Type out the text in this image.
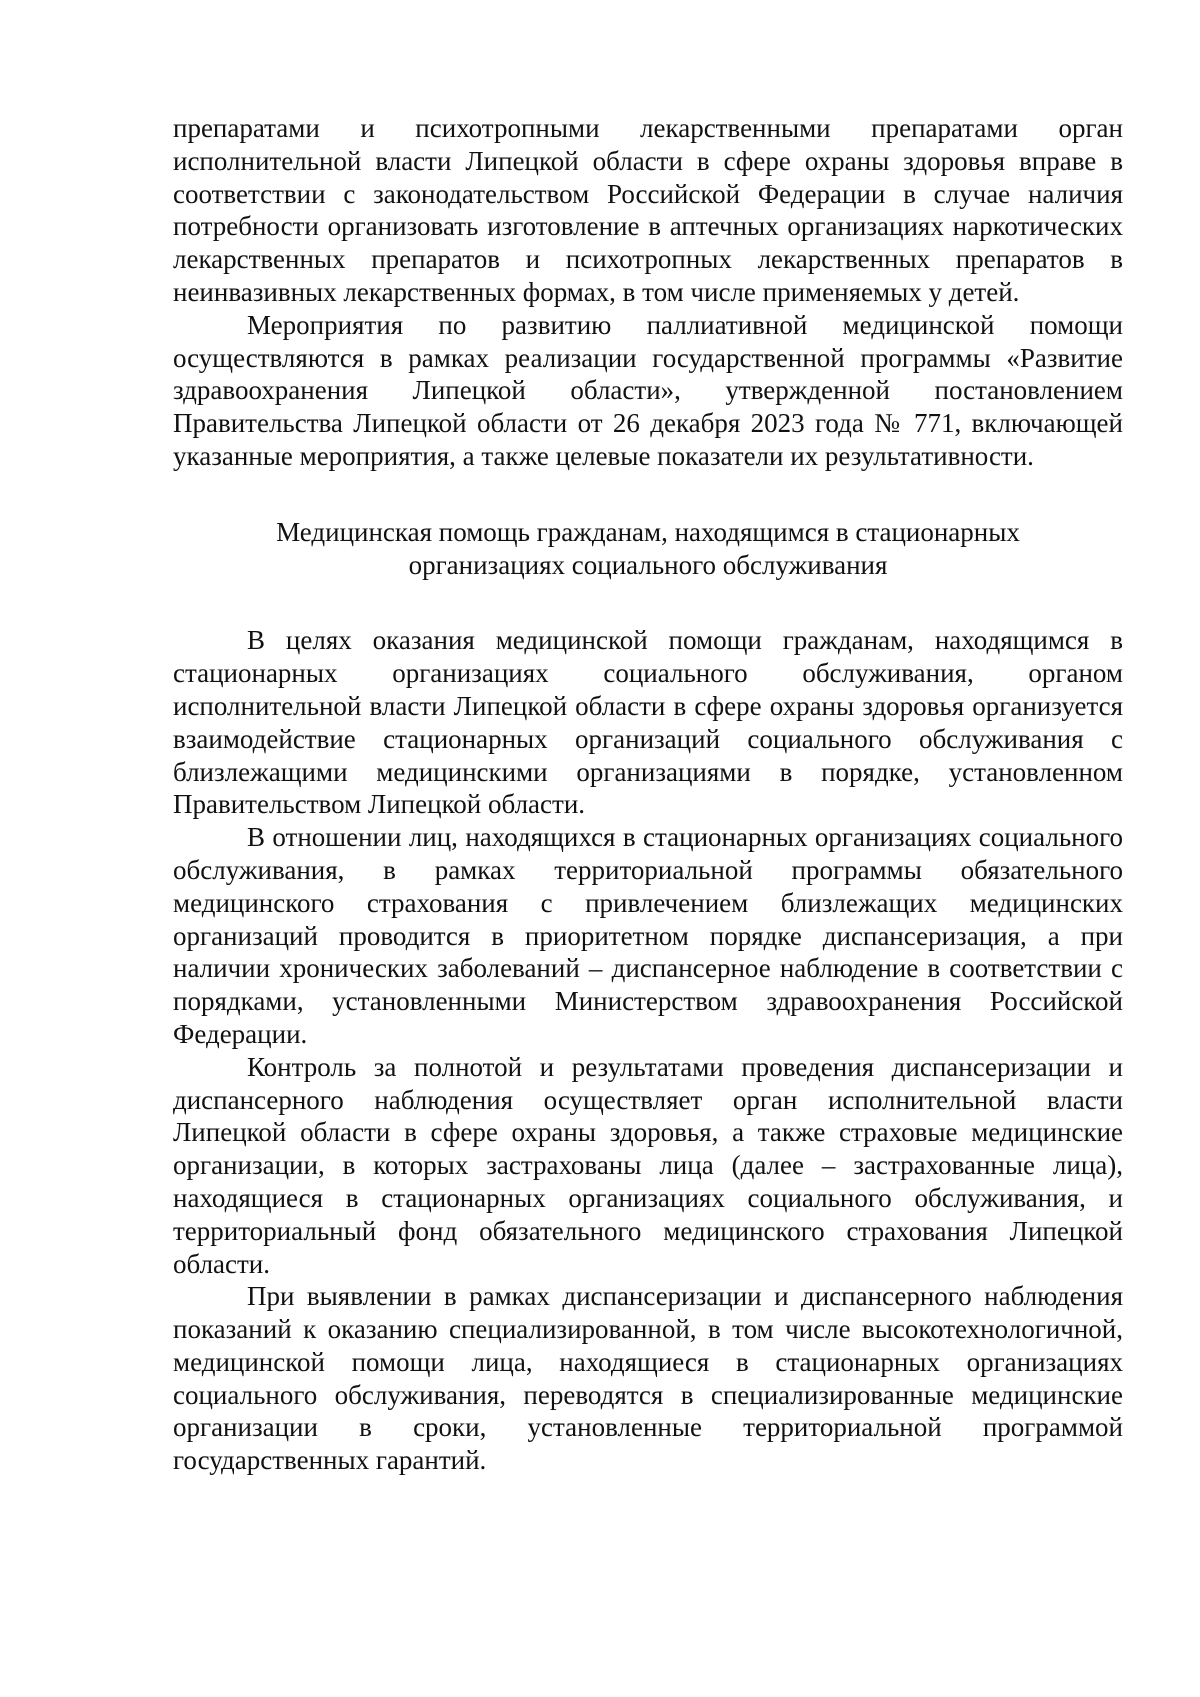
препаратами и психотропными лекарственными препаратами орган исполнительной власти Липецкой области в сфере охраны здоровья вправе в соответствии с законодательством Российской Федерации в случае наличия потребности организовать изготовление в аптечных организациях наркотических лекарственных препаратов и психотропных лекарственных препаратов в неинвазивных лекарственных формах, в том числе применяемых у детей.

Мероприятия по развитию паллиативной медицинской помощи осуществляются в рамках реализации государственной программы «Развитие здравоохранения Липецкой области», утвержденной постановлением Правительства Липецкой области от 26 декабря 2023 года № 771, включающей указанные мероприятия, а также целевые показатели их результативности.

Медицинская помощь гражданам, находящимся в стационарных организациях социального обслуживания

В целях оказания медицинской помощи гражданам, находящимся в стационарных организациях социального обслуживания, органом исполнительной власти Липецкой области в сфере охраны здоровья организуется взаимодействие стационарных организаций социального обслуживания с близлежащими медицинскими организациями в порядке, установленном Правительством Липецкой области.

В отношении лиц, находящихся в стационарных организациях социального обслуживания, в рамках территориальной программы обязательного медицинского страхования с привлечением близлежащих медицинских организаций проводится в приоритетном порядке диспансеризация, а при наличии хронических заболеваний – диспансерное наблюдение в соответствии с порядками, установленными Министерством здравоохранения Российской Федерации.

Контроль за полнотой и результатами проведения диспансеризации и диспансерного наблюдения осуществляет орган исполнительной власти Липецкой области в сфере охраны здоровья, а также страховые медицинские организации, в которых застрахованы лица (далее – застрахованные лица), находящиеся в стационарных организациях социального обслуживания, и территориальный фонд обязательного медицинского страхования Липецкой области.

При выявлении в рамках диспансеризации и диспансерного наблюдения показаний к оказанию специализированной, в том числе высокотехнологичной, медицинской помощи лица, находящиеся в стационарных организациях социального обслуживания, переводятся в специализированные медицинские организации в сроки, установленные территориальной программой государственных гарантий.
